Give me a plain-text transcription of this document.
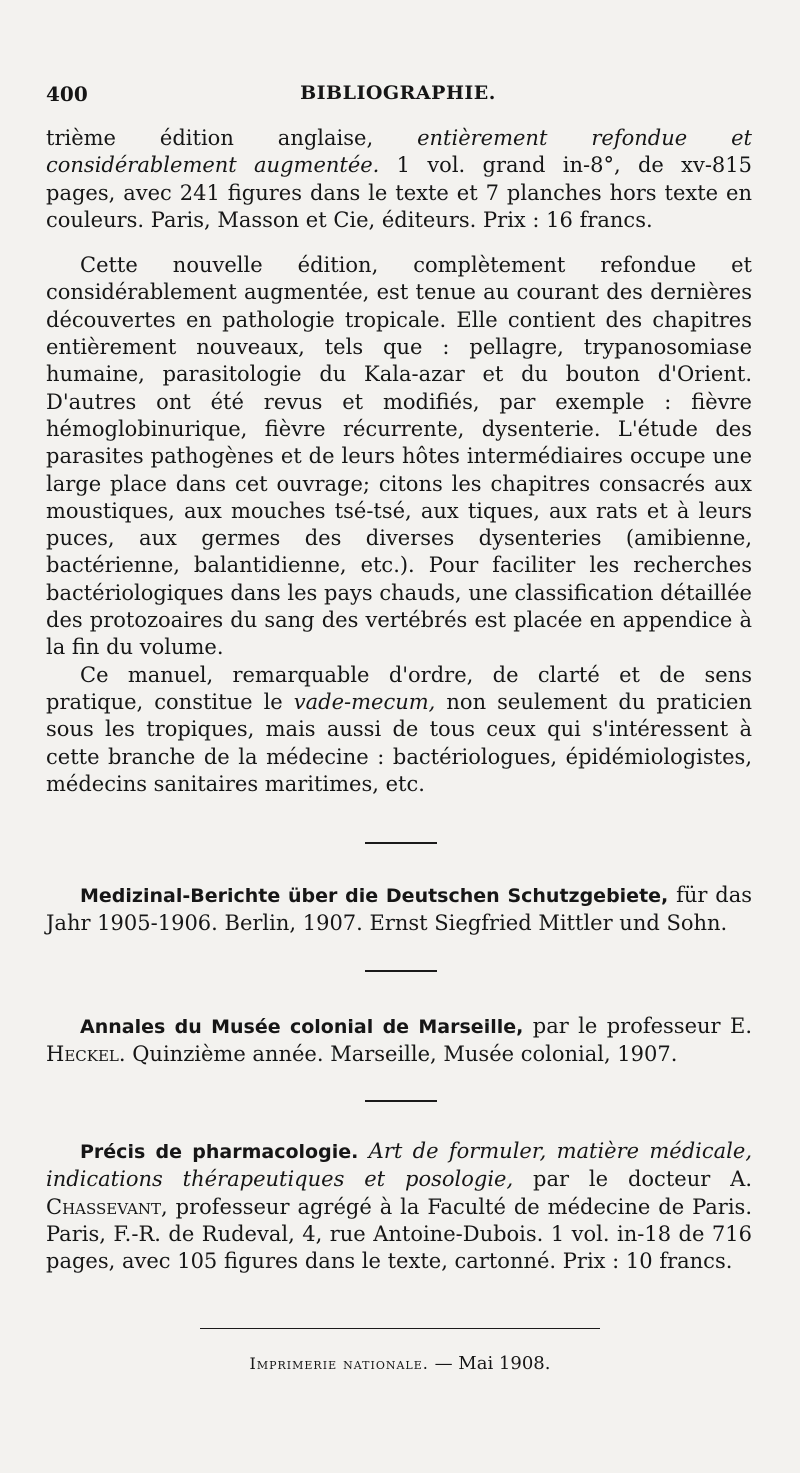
400	BIBLIOGRAPHIE.

trième édition anglaise, entièrement refondue et considérablement augmentée. 1 vol. grand in-8°, de xv-815 pages, avec 241 figures dans le texte et 7 planches hors texte en couleurs. Paris, Masson et Cie, éditeurs. Prix : 16 francs.

Cette nouvelle édition, complètement refondue et considérablement augmentée, est tenue au courant des dernières découvertes en pathologie tropicale. Elle contient des chapitres entièrement nouveaux, tels que : pellagre, trypanosomiase humaine, parasitologie du Kala-azar et du bouton d'Orient. D'autres ont été revus et modifiés, par exemple : fièvre hémoglobinurique, fièvre récurrente, dysenterie. L'étude des parasites pathogènes et de leurs hôtes intermédiaires occupe une large place dans cet ouvrage; citons les chapitres consacrés aux moustiques, aux mouches tsé-tsé, aux tiques, aux rats et à leurs puces, aux germes des diverses dysenteries (amibienne, bactérienne, balantidienne, etc.). Pour faciliter les recherches bactériologiques dans les pays chauds, une classification détaillée des protozoaires du sang des vertébrés est placée en appendice à la fin du volume.

Ce manuel, remarquable d'ordre, de clarté et de sens pratique, constitue le vade-mecum, non seulement du praticien sous les tropiques, mais aussi de tous ceux qui s'intéressent à cette branche de la médecine : bactériologues, épidémiologistes, médecins sanitaires maritimes, etc.

Medizinal-Berichte über die Deutschen Schutzgebiete, für das Jahr 1905-1906. Berlin, 1907. Ernst Siegfried Mittler und Sohn.

Annales du Musée colonial de Marseille, par le professeur E. Heckel. Quinzième année. Marseille, Musée colonial, 1907.

Précis de pharmacologie. Art de formuler, matière médicale, indications thérapeutiques et posologie, par le docteur A. Chassevant, professeur agrégé à la Faculté de médecine de Paris. Paris, F.-R. de Rudeval, 4, rue Antoine-Dubois. 1 vol. in-18 de 716 pages, avec 105 figures dans le texte, cartonné. Prix : 10 francs.

Imprimerie nationale. — Mai 1908.
